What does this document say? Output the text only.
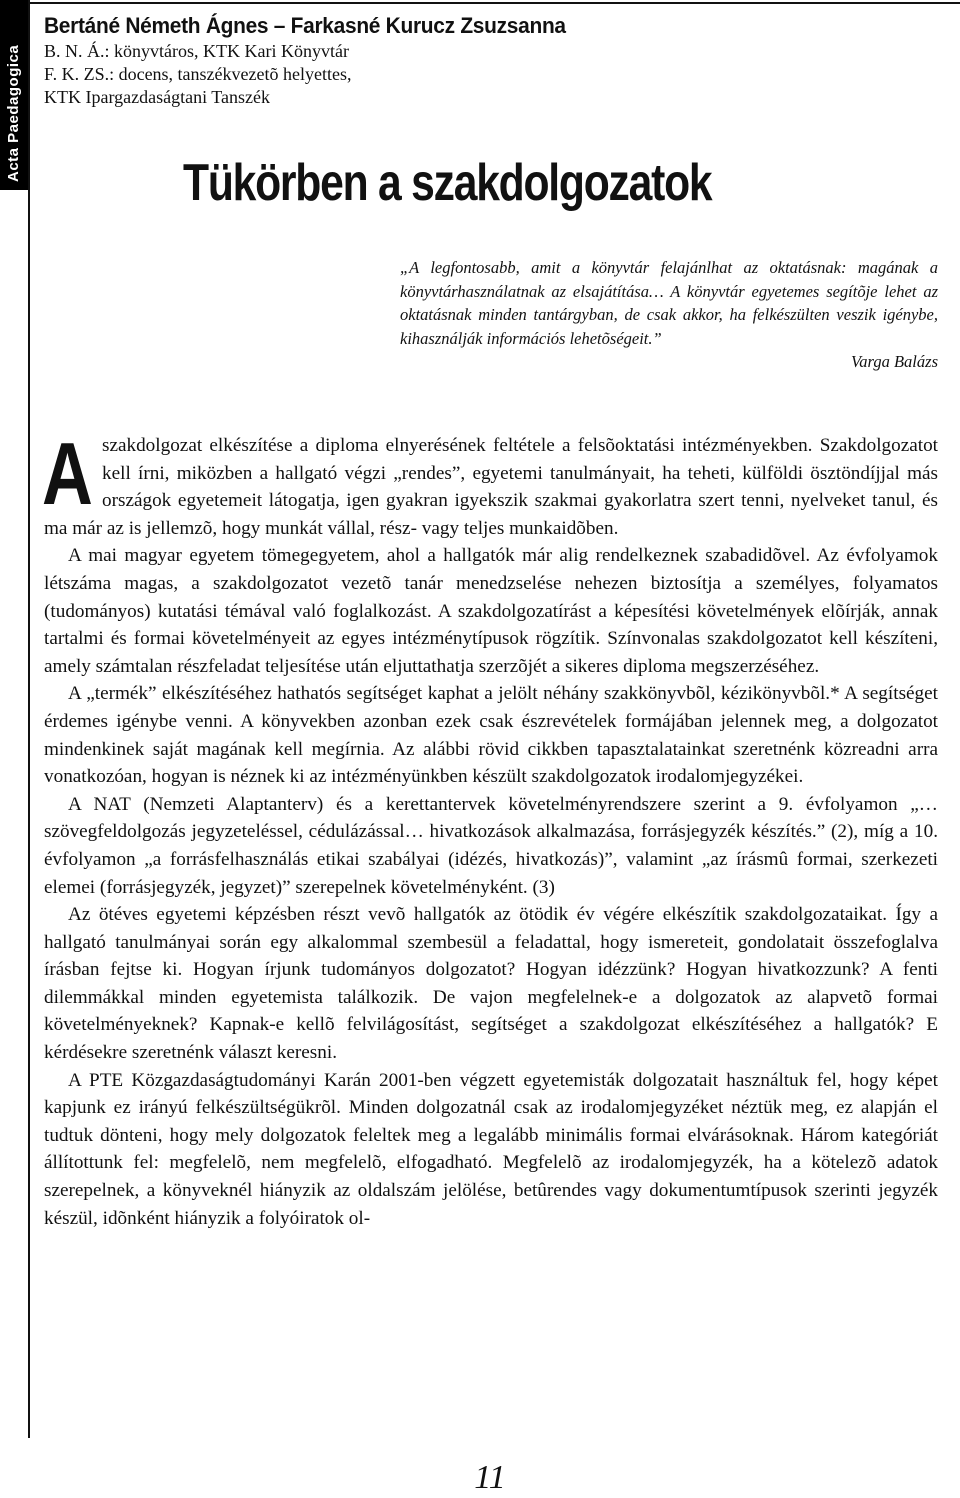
Acta Paedagogica
Bertáné Németh Ágnes – Farkasné Kurucz Zsuzsanna
B. N. Á.: könyvtáros, KTK Kari Könyvtár
F. K. ZS.: docens, tanszékvezetõ helyettes,
KTK Ipargazdaságtani Tanszék
Tükörben a szakdolgozatok

„A legfontosabb, amit a könyvtár felajánlhat az oktatásnak: magának a könyvtárhasználatnak az elsajátítása… A könyvtár egyetemes segítõje lehet az oktatásnak minden tantárgyban, de csak akkor, ha felkészülten veszik igénybe, kihasználják információs lehetõségeit.”

Varga Balázs

Aszakdolgozat elkészítése a diploma elnyerésének feltétele a felsõoktatási intézményekben. Szakdolgozatot kell írni, miközben a hallgató végzi „rendes”, egyetemi tanulmányait, ha teheti, külföldi ösztöndíjjal más országok egyetemeit látogatja, igen gyakran igyekszik szakmai gyakorlatra szert tenni, nyelveket tanul, és ma már az is jellemzõ, hogy munkát vállal, rész- vagy teljes munkaidõben.

A mai magyar egyetem tömegegyetem, ahol a hallgatók már alig rendelkeznek szabadidõvel. Az évfolyamok létszáma magas, a szakdolgozatot vezetõ tanár menedzselése nehezen biztosítja a személyes, folyamatos (tudományos) kutatási témával való foglalkozást. A szakdolgozatírást a képesítési követelmények elõírják, annak tartalmi és formai követelményeit az egyes intézménytípusok rögzítik. Színvonalas szakdolgozatot kell készíteni, amely számtalan részfeladat teljesítése után eljuttathatja szerzõjét a sikeres diploma megszerzéséhez.

A „termék” elkészítéséhez hathatós segítséget kaphat a jelölt néhány szakkönyvbõl, kézikönyvbõl.* A segítséget érdemes igénybe venni. A könyvekben azonban ezek csak észrevételek formájában jelennek meg, a dolgozatot mindenkinek saját magának kell megírnia. Az alábbi rövid cikkben tapasztalatainkat szeretnénk közreadni arra vonatkozóan, hogyan is néznek ki az intézményünkben készült szakdolgozatok irodalomjegyzékei.

A NAT (Nemzeti Alaptanterv) és a kerettantervek követelményrendszere szerint a 9. évfolyamon „…szövegfeldolgozás jegyzeteléssel, cédulázással… hivatkozások alkalmazása, forrásjegyzék készítés.” (2), míg a 10. évfolyamon „a forrásfelhasználás etikai szabályai (idézés, hivatkozás)”, valamint „az írásmû formai, szerkezeti elemei (forrásjegyzék, jegyzet)” szerepelnek követelményként. (3)

Az ötéves egyetemi képzésben részt vevõ hallgatók az ötödik év végére elkészítik szakdolgozataikat. Így a hallgató tanulmányai során egy alkalommal szembesül a feladattal, hogy ismereteit, gondolatait összefoglalva írásban fejtse ki. Hogyan írjunk tudományos dolgozatot? Hogyan idézzünk? Hogyan hivatkozzunk? A fenti dilemmákkal minden egyetemista találkozik. De vajon megfelelnek-e a dolgozatok az alapvetõ formai követelményeknek? Kapnak-e kellõ felvilágosítást, segítséget a szakdolgozat elkészítéséhez a hallgatók? E kérdésekre szeretnénk választ keresni.

A PTE Közgazdaságtudományi Karán 2001-ben végzett egyetemisták dolgozatait használtuk fel, hogy képet kapjunk ez irányú felkészültségükrõl. Minden dolgozatnál csak az irodalomjegyzéket néztük meg, ez alapján el tudtuk dönteni, hogy mely dolgozatok feleltek meg a legalább minimális formai elvárásoknak. Három kategóriát állítottunk fel: megfelelõ, nem megfelelõ, elfogadható. Megfelelõ az irodalomjegyzék, ha a kötelezõ adatok szerepelnek, a könyveknél hiányzik az oldalszám jelölése, betûrendes vagy dokumentumtípusok szerinti jegyzék készül, idõnként hiányzik a folyóiratok ol-

11
